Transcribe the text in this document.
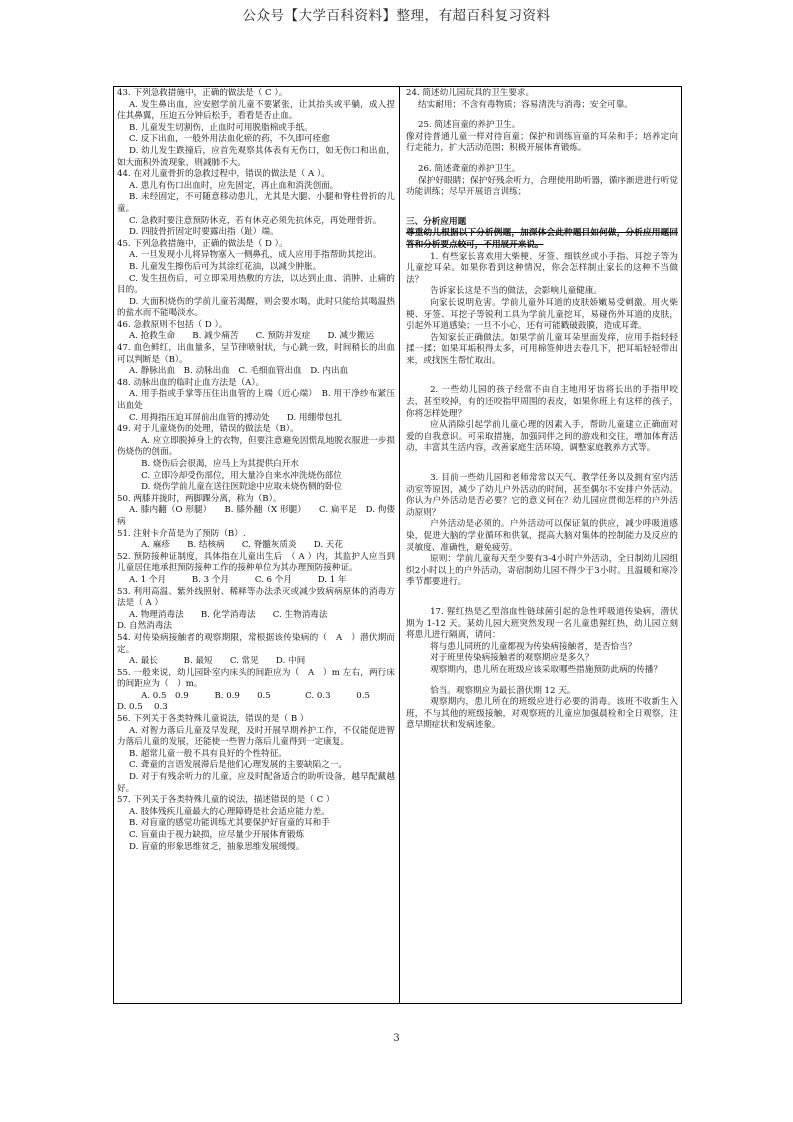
公众号【大学百科资料】整理，有超百科复习资料

43. 下列急救措施中，正确的做法是（ C ）。

A. 发生鼻出血，应安慰学前儿童不要紧张，让其抬头或平躺，成人捏住其鼻翼，压迫五分钟后松手，看看是否止血。

B. 儿童发生切割伤，止血时可用脱脂棉或手纸。

C. 反下出血，一般外用法血化瘀的药，不久即可痊愈

D. 幼儿发生跌撞后，应首先观察其体表有无伤口，如无伤口和出血，如大面积外流现象，则减肺不大。

44. 在对儿童骨折的急救过程中，错误的做法是（ A ）。

A. 患儿有伤口出血时，应先固定，再止血和消洗创面。

B. 未经固定，不可随意移动患儿，尤其是大腿、小腿和脊柱骨折的儿童。

C. 急救时要注意预防休克，若有休克必须先抗休克，再处理骨折。

D. 四肢骨折固定时要露出指（趾）端。

45. 下列急救措施中，正确的做法是（ D ）。

A. 一旦发现小儿将异物塞入一侧鼻孔，成人应用手指帮助其挖出。

B. 儿童发生擦伤后可为其涂红花油，以减少肿胀。

C. 发生扭伤后，可立即采用热敷的方法，以达到止血、消肿、止痛的目的。

D. 大面积烧伤的学前儿童若渴醒，则会要水喝，此时只能给其喝温热的盐水而不能喝淡水。

46. 急救原则不包括（ D ）。

A. 抢救生命　　B. 减少痛苦　　C. 预防并发症　　D. 减少搬运

47. 血色鲜红，出血量多，呈节律喷射状，与心跳一致，时间稍长的出血可以判断是（B）。

A. 静脉出血　B. 动脉出血　C. 毛细血管出血　D. 内出血

48. 动脉出血的临时止血方法是（A）。

A. 用手指或手掌等压住出血管的上端（近心端）　B. 用干净纱布紧压出血处

C. 用拇指压迫耳屏前出血管的搏动处　　D. 用绷带包扎

49. 对于儿童烧伤的处理，错误的做法是（B）。

A. 应立即脱掉身上的衣物，但要注意避免因慌乱地脱衣服进一步损伤烧伤的创面。

B. 烧伤后会很渴，应马上为其提供白开水

C. 立即冷却受伤部位，用大量冷自来水冲洗烧伤部位

D. 烧伤学前儿童在送往医院途中应取未烧伤侧的卧位

50. 两膝并拢时，两脚踝分离，称为（B）。

A. 膝内翻（O 形腿）　　B. 膝外翻（X 形腿）　　C. 扁平足　D. 佝偻病

51. 注射卡介苗是为了预防（B）.

A. 麻疹　　B. 结核病　　C. 脊髓灰质炎　　D. 天花

52. 预防接种证制度，具体指在儿童出生后　（ A ）内，其监护人应当到儿童居住地承担预防接种工作的接种单位为其办理预防接种证。

A. 1 个月　　　B. 3 个月　　　C. 6 个月　　　D. 1 年

53. 利用高温、紫外线照射、稀释等办法杀灭或减少致病病原体的消毒方法是（ A ）

A. 物理消毒法　　B. 化学消毒法　　C. 生物消毒法

D. 自然消毒法

54. 对传染病接触者的观察期限，常根据该传染病的（　A　）潜伏期而定。

A. 最长　　　B. 最短　　C. 常见　　D. 中间

55. 一般来说，幼儿园卧室内床头的间距应为（　A　）m 左右，两行床的间距应为（　）m。

A. 0.5　0.9　　　B. 0.9　　0.5　　　　C. 0.3　　　0.5

D. 0.5　 0.3

56. 下列关于各类特殊儿童说法，错误的是（ B ）

A. 对智力落后儿童及早发现，及时开展早期养护工作，不仅能促进智力落后儿童的发展，还能使一些智力落后儿童得到一定康复。

B. 超常儿童一般不具有良好的个性特征。

C. 聋童的言语发展滞后是他们心理发展的主要缺陷之一。

D. 对于有残余听力的儿童，应及时配备适合的助听设备，越早配戴越好。

57. 下列关于各类特殊儿童的说法，描述错误的是（ C ）

A. 肢体残疾儿童最大的心理障碍是社会适应能力差。

B. 对盲童的感觉功能训练尤其要保护好盲童的耳和手

C. 盲童由于视力缺损，应尽量少开展体育锻炼

D. 盲童的形象思维贫乏，抽象思维发展缓慢。

24. 简述幼儿园玩具的卫生要求。

结实耐用；不含有毒物质；容易清洗与消毒；安全可靠。

25. 简述盲童的养护卫生。

像对待普通儿童一样对待盲童；保护和训练盲童的耳朵和手；培养定向行走能力，扩大活动范围；积极开展体育锻炼。

26. 简述聋童的养护卫生。

保护好眼睛；保护好残余听力，合理使用助听器，循序渐进进行听觉功能训练；尽早开展语言训练；

三、分析应用题

尊重幼儿根据以下分析例题，加深体会此种题目如何做，分析应用题回答和分析要点较可，不用展开来说。

1. 有些家长喜欢用大柴梗、牙签、细铁丝或小手指、耳挖子等为儿童挖耳朵。如果你看到这种情况，你会怎样制止家长的这种不当做法？

告诉家长这是不当的做法，会影响儿童健康。

向家长说明危害。学前儿童外耳道的皮肤娇嫩易受刺激。用火柴梗、牙签、耳挖子等锐利工具为学前儿童挖耳，易碰伤外耳道的皮肤，引起外耳道感染；一旦不小心，还有可能戳破鼓膜，造成耳聋。

告知家长正确做法。如果学前儿童耳朵里面发痒，应用手指轻轻揉一揉；如果耳垢积得太多，可用棉签伸进去卷几下，把耳垢轻轻带出来，或找医生帮忙取出。

2. 一些幼儿园的孩子经常不由自主地用牙齿将长出的手指甲咬去，甚至咬掉，有的还咬指甲周围的表皮，如果你班上有这样的孩子，你将怎样处理？

应从消除引起学前儿童心理的因素入手，帮助儿童建立正确面对爱的自我意识。可采取措施，加强同伴之间的游戏和交往，增加体育活动，丰富其生活内容，改善家庭生活环境，调整家庭教养方式等。

3. 目前一些幼儿园和老师常常以天气、教学任务以及拥有室内活动室等原因，减少了幼儿户外活动的时间，甚至偶尔不安排户外活动。你认为户外活动是否必要？它的意义何在？幼儿园应贯彻怎样的户外活动原则？

户外活动是必须的。户外活动可以保证氧的供应，减少呼吸道感染，促进大脑的学业循环和供氧，提高大脑对集体的控制能力及反应的灵敏度、准确性，避免疲劳。

原则：学前儿童每天至少要有3-4小时户外活动，全日制幼儿园组织2小时以上的户外活动，寄宿制幼儿园不得少于3小时。且温暖和寒冷季节都要进行。

17. 猩红热是乙型溶血性链球菌引起的急性呼吸道传染病，潜伏期为 1-12 天。某幼儿园大班突然发现一名儿童患猩红热，幼儿园立刻将患儿进行隔离，请问：

将与患儿同班的儿童都视为传染病接触者，是否恰当？

对于班里传染病接触者的观察期应是多久？

观察期内，患儿所在班级应该采取哪些措施预防此病的传播？

恰当。观察期应为最长潜伏期 12 天。

观察期内，患儿所在的班级应进行必要的消毒。该班不收新生入班，不与其他的班级接触，对观察班的儿童应加强晨检和全日观察，注意早期症状和发病迹象。

3
